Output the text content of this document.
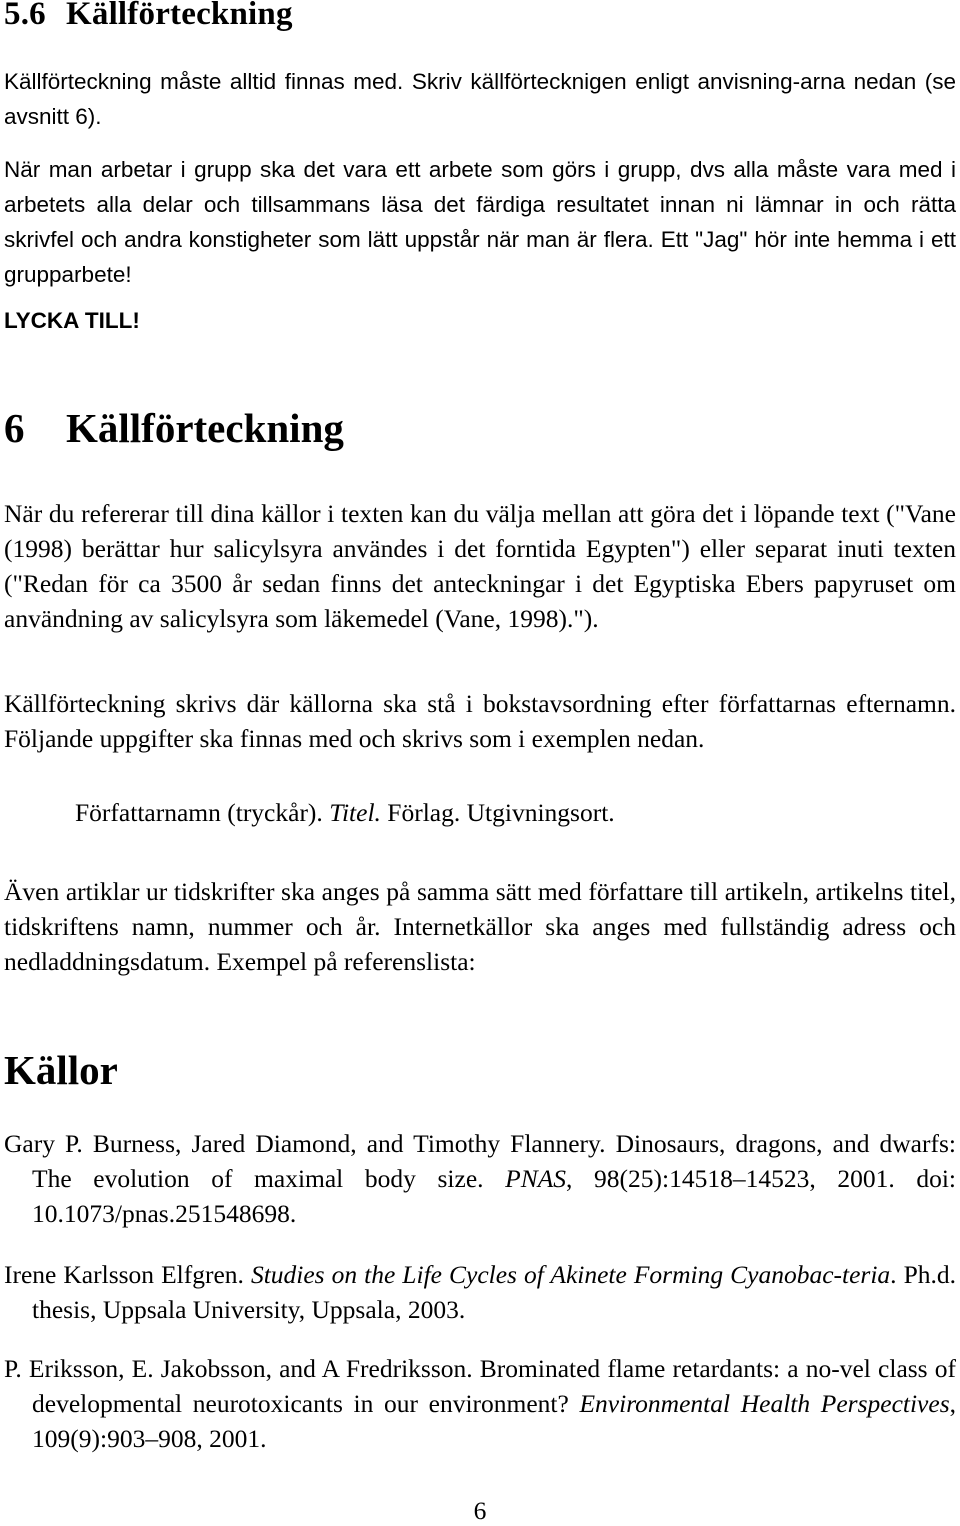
5.6 Källförteckning

Källförteckning måste alltid finnas med. Skriv källförtecknigen enligt anvisning-arna nedan (se avsnitt 6).

När man arbetar i grupp ska det vara ett arbete som görs i grupp, dvs alla måste vara med i arbetets alla delar och tillsammans läsa det färdiga resultatet innan ni lämnar in och rätta skrivfel och andra konstigheter som lätt uppstår när man är flera. Ett "Jag" hör inte hemma i ett grupparbete!

LYCKA TILL!

6 Källförteckning

När du refererar till dina källor i texten kan du välja mellan att göra det i löpande text ("Vane (1998) berättar hur salicylsyra användes i det forntida Egypten") eller separat inuti texten ("Redan för ca 3500 år sedan finns det anteckningar i det Egyptiska Ebers papyruset om användning av salicylsyra som läkemedel (Vane, 1998).").

Källförteckning skrivs där källorna ska stå i bokstavsordning efter författarnas efternamn. Följande uppgifter ska finnas med och skrivs som i exemplen nedan.

Författarnamn (tryckår). Titel. Förlag. Utgivningsort.

Även artiklar ur tidskrifter ska anges på samma sätt med författare till artikeln, artikelns titel, tidskriftens namn, nummer och år. Internetkällor ska anges med fullständig adress och nedladdningsdatum. Exempel på referenslista:

Källor

Gary P. Burness, Jared Diamond, and Timothy Flannery. Dinosaurs, dragons, and dwarfs: The evolution of maximal body size. PNAS, 98(25):14518–14523, 2001. doi: 10.1073/pnas.251548698.

Irene Karlsson Elfgren. Studies on the Life Cycles of Akinete Forming Cyanobac-teria. Ph.d. thesis, Uppsala University, Uppsala, 2003.

P. Eriksson, E. Jakobsson, and A Fredriksson. Brominated flame retardants: a no-vel class of developmental neurotoxicants in our environment? Environmental Health Perspectives, 109(9):903–908, 2001.

6
